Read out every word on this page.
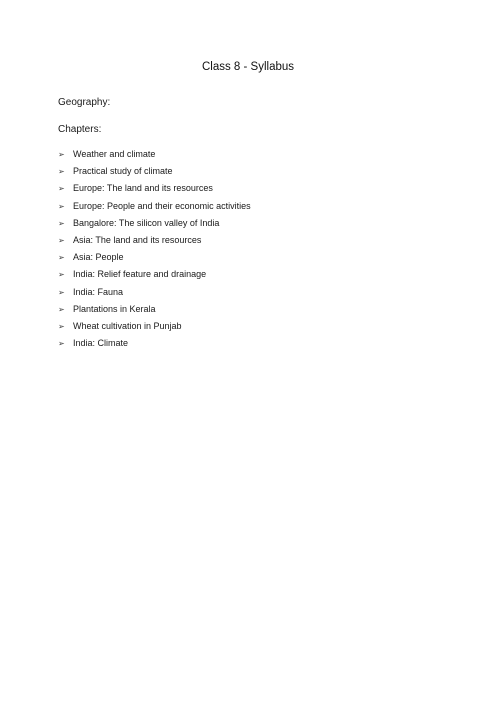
Class 8 - Syllabus
Geography:
Chapters:
➢ Weather and climate
➢ Practical study of climate
➢ Europe: The land and its resources
➢ Europe: People and their economic activities
➢ Bangalore: The silicon valley of India
➢ Asia: The land and its resources
➢ Asia: People
➢ India: Relief feature and drainage
➢ India: Fauna
➢ Plantations in Kerala
➢ Wheat cultivation in Punjab
➢ India: Climate
